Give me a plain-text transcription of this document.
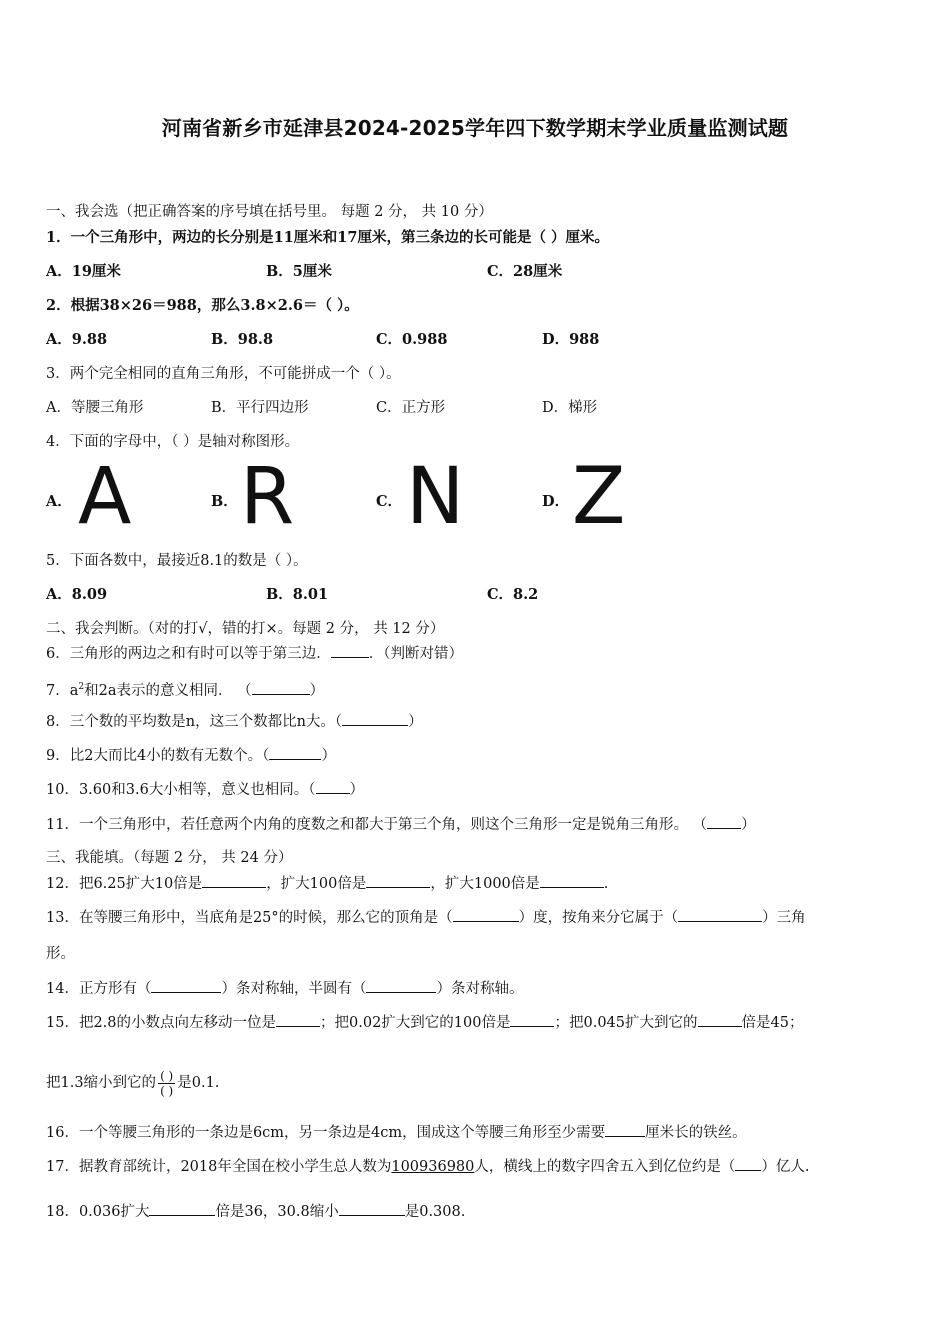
河南省新乡市延津县2024-2025学年四下数学期末学业质量监测试题
一、我会选（把正确答案的序号填在括号里。 每题 2 分， 共 10 分）
1．一个三角形中，两边的长分别是11厘米和17厘米，第三条边的长可能是（ ）厘米。
A．19厘米	B．5厘米	C．28厘米
2．根据38×26＝988，那么3.8×2.6＝（ ）。
A．9.88	B．98.8	C．0.988	D．988
3．两个完全相同的直角三角形，不可能拼成一个（ ）。
A．等腰三角形	B．平行四边形	C．正方形	D．梯形
4．下面的字母中，（ ）是轴对称图形。
A． A	B． R	C． N	D． Z
5．下面各数中，最接近8.1的数是（ ）。
A．8.09	B．8.01	C．8.2
二、我会判断。（对的打√，错的打×。每题 2 分， 共 12 分）
6．三角形的两边之和有时可以等于第三边．	．（判断对错）
7．$a^2$和2a表示的意义相同． （	）
8．三个数的平均数是n，这三个数都比n大。（	）
9．比2大而比4小的数有无数个。（	）
10．3.60和3.6大小相等，意义也相同。（ ）
11．一个三角形中，若任意两个内角的度数之和都大于第三个角，则这个三角形一定是锐角三角形。 （ ）
三、我能填。（每题 2 分， 共 24 分）
12．把6.25扩大10倍是	，扩大100倍是	，扩大1000倍是	.
13．在等腰三角形中，当底角是25°的时候，那么它的顶角是（	）度，按角来分它属于（	）三角
形。
14．正方形有（	）条对称轴，半圆有（	）条对称轴。
15．把2.8的小数点向左移动一位是	；把0.02扩大到它的100倍是	；把0.045扩大到它的	倍是45；
把1.3缩小到它的 $\frac{( )}{( )}$ 是0.1.
16．一个等腰三角形的一条边是6cm，另一条边是4cm，围成这个等腰三角形至少需要	厘米长的铁丝。
17．据教育部统计，2018年全国在校小学生总人数为100936980人，横线上的数字四舍五入到亿位约是（ ）亿人.
18．0.036扩大	倍是36，30.8缩小	是0.308.
